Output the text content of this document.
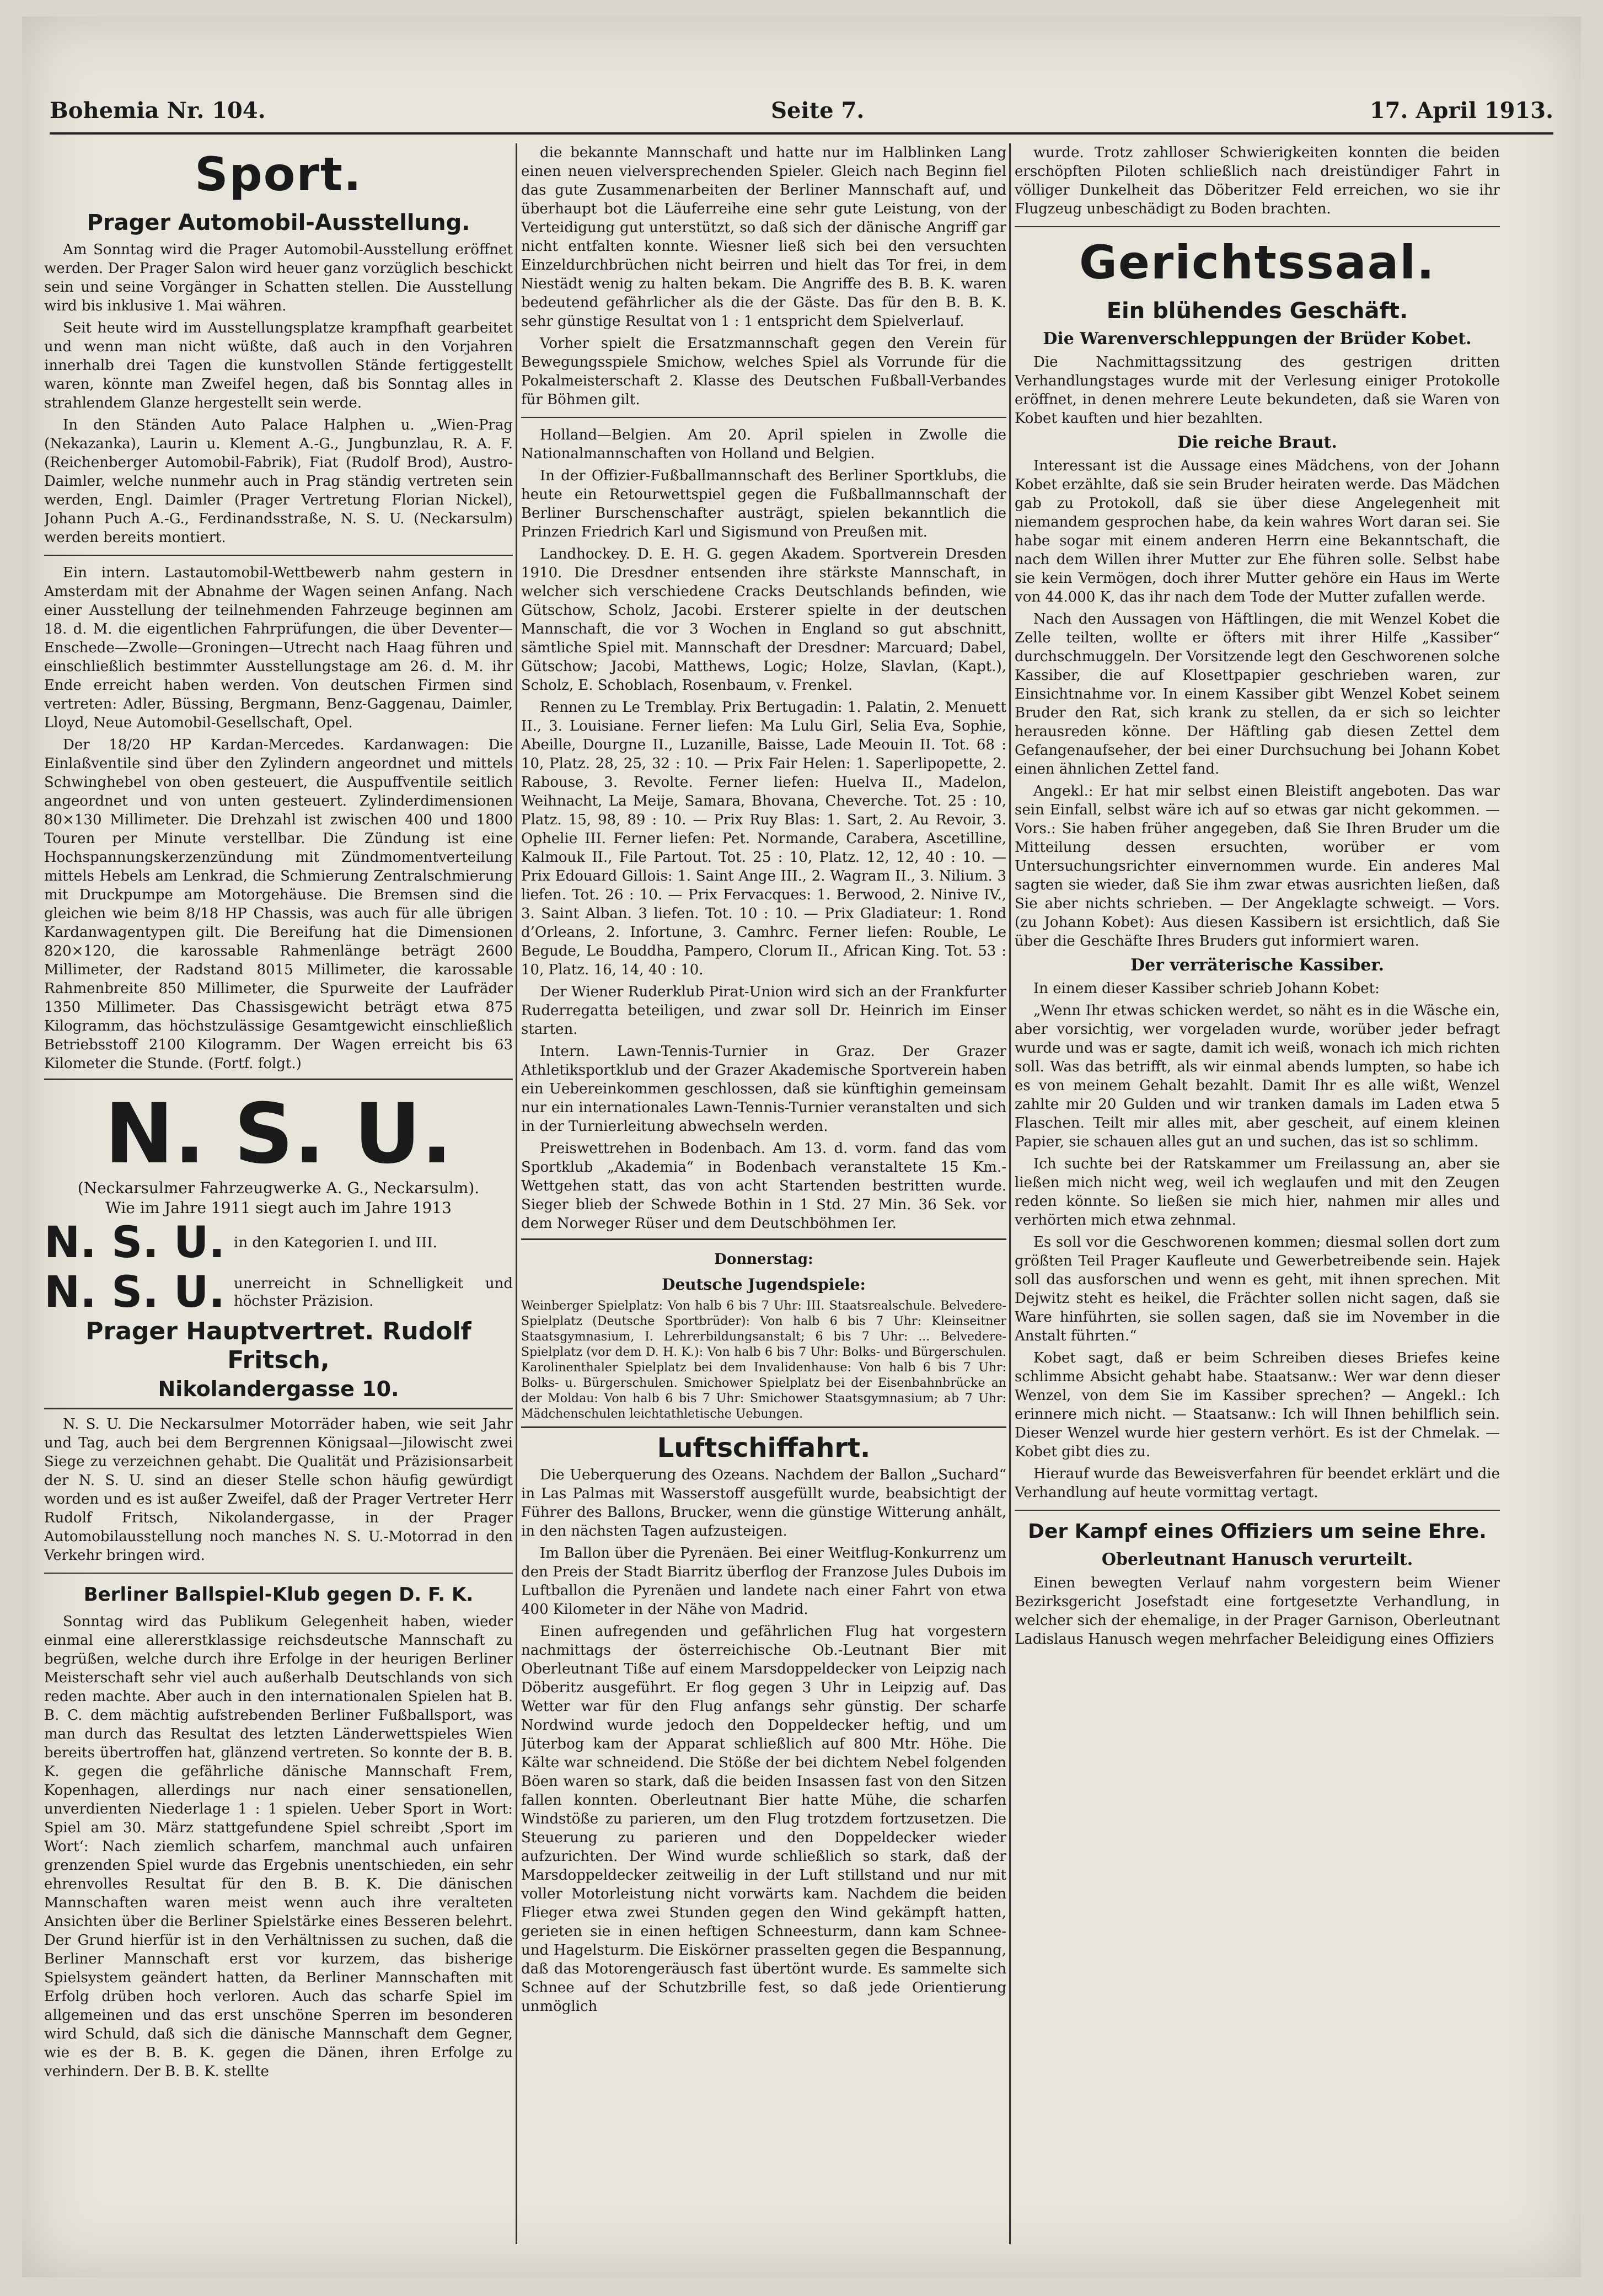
Bohemia Nr. 104.	Seite 7.	17. April 1913.
Sport.
Prager Automobil-Ausstellung.

Am Sonntag wird die Prager Automobil-Ausstellung eröffnet werden. Der Prager Salon wird heuer ganz vorzüglich beschickt sein und seine Vorgänger in Schatten stellen. Die Ausstellung wird bis inklusive 1. Mai währen.

Seit heute wird im Ausstellungsplatze krampfhaft gearbeitet und wenn man nicht wüßte, daß auch in den Vorjahren innerhalb drei Tagen die kunstvollen Stände fertiggestellt waren, könnte man Zweifel hegen, daß bis Sonntag alles in strahlendem Glanze hergestellt sein werde.

In den Ständen Auto Palace Halphen u. „Wien-Prag (Nekazanka), Laurin u. Klement A.-G., Jungbunzlau, R. A. F. (Reichenberger Automobil-Fabrik), Fiat (Rudolf Brod), Austro-Daimler, welche nunmehr auch in Prag ständig vertreten sein werden, Engl. Daimler (Prager Vertretung Florian Nickel), Johann Puch A.-G., Ferdinandsstraße, N. S. U. (Neckarsulm) werden bereits montiert.

Ein intern. Lastautomobil-Wettbewerb nahm gestern in Amsterdam mit der Abnahme der Wagen seinen Anfang. Nach einer Ausstellung der teilnehmenden Fahrzeuge beginnen am 18. d. M. die eigentlichen Fahrprüfungen, die über Deventer—Enschede—Zwolle—Groningen—Utrecht nach Haag führen und einschließlich bestimmter Ausstellungstage am 26. d. M. ihr Ende erreicht haben werden. Von deutschen Firmen sind vertreten: Adler, Büssing, Bergmann, Benz-Gaggenau, Daimler, Lloyd, Neue Automobil-Gesellschaft, Opel.

Der 18/20 HP Kardan-Mercedes. Kardanwagen: Die Einlaßventile sind über den Zylindern angeordnet und mittels Schwinghebel von oben gesteuert, die Auspuffventile seitlich angeordnet und von unten gesteuert. Zylinderdimensionen 80×130 Millimeter. Die Drehzahl ist zwischen 400 und 1800 Touren per Minute verstellbar. Die Zündung ist eine Hochspannungskerzenzündung mit Zündmomentverteilung mittels Hebels am Lenkrad, die Schmierung Zentralschmierung mit Druckpumpe am Motorgehäuse. Die Bremsen sind die gleichen wie beim 8/18 HP Chassis, was auch für alle übrigen Kardanwagentypen gilt. Die Bereifung hat die Dimensionen 820×120, die karossable Rahmenlänge beträgt 2600 Millimeter, der Radstand 8015 Millimeter, die karossable Rahmenbreite 850 Millimeter, die Spurweite der Laufräder 1350 Millimeter. Das Chassisgewicht beträgt etwa 875 Kilogramm, das höchstzulässige Gesamtgewicht einschließlich Betriebsstoff 2100 Kilogramm. Der Wagen erreicht bis 63 Kilometer die Stunde. (Fortf. folgt.)

N. S. U.
(Neckarsulmer Fahrzeugwerke A. G., Neckarsulm).
Wie im Jahre 1911 siegt auch im Jahre 1913
N. S. U. in den Kategorien I. und III.
N. S. U. unerreicht in Schnelligkeit und höchster Präzision.
Prager Hauptvertret. Rudolf Fritsch,
Nikolandergasse 10.

N. S. U. Die Neckarsulmer Motorräder haben, wie seit Jahr und Tag, auch bei dem Bergrennen Königsaal—Jilowischt zwei Siege zu verzeichnen gehabt. Die Qualität und Präzisionsarbeit der N. S. U. sind an dieser Stelle schon häufig gewürdigt worden und es ist außer Zweifel, daß der Prager Vertreter Herr Rudolf Fritsch, Nikolandergasse, in der Prager Automobilausstellung noch manches N. S. U.-Motorrad in den Verkehr bringen wird.

Berliner Ballspiel-Klub gegen D. F. K.

Sonntag wird das Publikum Gelegenheit haben, wieder einmal eine allererstklassige reichsdeutsche Mannschaft zu begrüßen, welche durch ihre Erfolge in der heurigen Berliner Meisterschaft sehr viel auch außerhalb Deutschlands von sich reden machte. Aber auch in den internationalen Spielen hat B. B. C. dem mächtig aufstrebenden Berliner Fußballsport, was man durch das Resultat des letzten Länderwettspieles Wien bereits übertroffen hat, glänzend vertreten. So konnte der B. B. K. gegen die gefährliche dänische Mannschaft Frem, Kopenhagen, allerdings nur nach einer sensationellen, unverdienten Niederlage 1 : 1 spielen. Ueber Sport in Wort: Spiel am 30. März stattgefundene Spiel schreibt ‚Sport im Wort‘: Nach ziemlich scharfem, manchmal auch unfairen grenzenden Spiel wurde das Ergebnis unentschieden, ein sehr ehrenvolles Resultat für den B. B. K. Die dänischen Mannschaften waren meist wenn auch ihre veralteten Ansichten über die Berliner Spielstärke eines Besseren belehrt. Der Grund hierfür ist in den Verhältnissen zu suchen, daß die Berliner Mannschaft erst vor kurzem, das bisherige Spielsystem geändert hatten, da Berliner Mannschaften mit Erfolg drüben hoch verloren. Auch das scharfe Spiel im allgemeinen und das erst unschöne Sperren im besonderen wird Schuld, daß sich die dänische Mannschaft dem Gegner, wie es der B. B. K. gegen die Dänen, ihren Erfolge zu verhindern. Der B. B. K. stellte

die bekannte Mannschaft und hatte nur im Halblinken Lang einen neuen vielversprechenden Spieler. Gleich nach Beginn fiel das gute Zusammenarbeiten der Berliner Mannschaft auf, und überhaupt bot die Läuferreihe eine sehr gute Leistung, von der Verteidigung gut unterstützt, so daß sich der dänische Angriff gar nicht entfalten konnte. Wiesner ließ sich bei den versuchten Einzeldurchbrüchen nicht beirren und hielt das Tor frei, in dem Niestädt wenig zu halten bekam. Die Angriffe des B. B. K. waren bedeutend gefährlicher als die der Gäste. Das für den B. B. K. sehr günstige Resultat von 1 : 1 entspricht dem Spielverlauf.

Vorher spielt die Ersatzmannschaft gegen den Verein für Bewegungsspiele Smichow, welches Spiel als Vorrunde für die Pokalmeisterschaft 2. Klasse des Deutschen Fußball-Verbandes für Böhmen gilt.

Holland—Belgien. Am 20. April spielen in Zwolle die Nationalmannschaften von Holland und Belgien.

In der Offizier-Fußballmannschaft des Berliner Sportklubs, die heute ein Retourwettspiel gegen die Fußballmannschaft der Berliner Burschenschafter austrägt, spielen bekanntlich die Prinzen Friedrich Karl und Sigismund von Preußen mit.

Landhockey. D. E. H. G. gegen Akadem. Sportverein Dresden 1910. Die Dresdner entsenden ihre stärkste Mannschaft, in welcher sich verschiedene Cracks Deutschlands befinden, wie Gütschow, Scholz, Jacobi. Ersterer spielte in der deutschen Mannschaft, die vor 3 Wochen in England so gut abschnitt, sämtliche Spiel mit. Mannschaft der Dresdner: Marcuard; Dabel, Gütschow; Jacobi, Matthews, Logic; Holze, Slavlan, (Kapt.), Scholz, E. Schoblach, Rosenbaum, v. Frenkel.

Rennen zu Le Tremblay. Prix Bertugadin: 1. Palatin, 2. Menuett II., 3. Louisiane. Ferner liefen: Ma Lulu Girl, Selia Eva, Sophie, Abeille, Dourgne II., Luzanille, Baisse, Lade Meouin II. Tot. 68 : 10, Platz. 28, 25, 32 : 10. — Prix Fair Helen: 1. Saperlipopette, 2. Rabouse, 3. Revolte. Ferner liefen: Huelva II., Madelon, Weihnacht, La Meije, Samara, Bhovana, Cheverche. Tot. 25 : 10, Platz. 15, 98, 89 : 10. — Prix Ruy Blas: 1. Sart, 2. Au Revoir, 3. Ophelie III. Ferner liefen: Pet. Normande, Carabera, Ascetilline, Kalmouk II., File Partout. Tot. 25 : 10, Platz. 12, 12, 40 : 10. — Prix Edouard Gillois: 1. Saint Ange III., 2. Wagram II., 3. Nilium. 3 liefen. Tot. 26 : 10. — Prix Fervacques: 1. Berwood, 2. Ninive IV., 3. Saint Alban. 3 liefen. Tot. 10 : 10. — Prix Gladiateur: 1. Rond d’Orleans, 2. Infortune, 3. Camhrc. Ferner liefen: Rouble, Le Begude, Le Bouddha, Pampero, Clorum II., African King. Tot. 53 : 10, Platz. 16, 14, 40 : 10.

Der Wiener Ruderklub Pirat-Union wird sich an der Frankfurter Ruderregatta beteiligen, und zwar soll Dr. Heinrich im Einser starten.

Intern. Lawn-Tennis-Turnier in Graz. Der Grazer Athletiksportklub und der Grazer Akademische Sportverein haben ein Uebereinkommen geschlossen, daß sie künftighin gemeinsam nur ein internationales Lawn-Tennis-Turnier veranstalten und sich in der Turnierleitung abwechseln werden.

Preiswettrehen in Bodenbach. Am 13. d. vorm. fand das vom Sportklub „Akademia“ in Bodenbach veranstaltete 15 Km.-Wettgehen statt, das von acht Startenden bestritten wurde. Sieger blieb der Schwede Bothin in 1 Std. 27 Min. 36 Sek. vor dem Norweger Rüser und dem Deutschböhmen Ier.

Donnerstag:
Deutsche Jugendspiele:
Weinberger Spielplatz: Von halb 6 bis 7 Uhr: III. Staatsrealschule. Belvedere-Spielplatz (Deutsche Sportbrüder): Von halb 6 bis 7 Uhr: Kleinseitner Staatsgymnasium, I. Lehrerbildungsanstalt; 6 bis 7 Uhr: ... Belvedere-Spielplatz (vor dem D. H. K.): Von halb 6 bis 7 Uhr: Bolks- und Bürgerschulen. Karolinenthaler Spielplatz bei dem Invalidenhause: Von halb 6 bis 7 Uhr: Bolks- u. Bürgerschulen. Smichower Spielplatz bei der Eisenbahnbrücke an der Moldau: Von halb 6 bis 7 Uhr: Smichower Staatsgymnasium; ab 7 Uhr: Mädchenschulen leichtathletische Uebungen.
Luftschiffahrt.

Die Ueberquerung des Ozeans. Nachdem der Ballon „Suchard“ in Las Palmas mit Wasserstoff ausgefüllt wurde, beabsichtigt der Führer des Ballons, Brucker, wenn die günstige Witterung anhält, in den nächsten Tagen aufzusteigen.

Im Ballon über die Pyrenäen. Bei einer Weitflug-Konkurrenz um den Preis der Stadt Biarritz überflog der Franzose Jules Dubois im Luftballon die Pyrenäen und landete nach einer Fahrt von etwa 400 Kilometer in der Nähe von Madrid.

Einen aufregenden und gefährlichen Flug hat vorgestern nachmittags der österreichische Ob.-Leutnant Bier mit Oberleutnant Tiße auf einem Marsdoppeldecker von Leipzig nach Döberitz ausgeführt. Er flog gegen 3 Uhr in Leipzig auf. Das Wetter war für den Flug anfangs sehr günstig. Der scharfe Nordwind wurde jedoch den Doppeldecker heftig, und um Jüterbog kam der Apparat schließlich auf 800 Mtr. Höhe. Die Kälte war schneidend. Die Stöße der bei dichtem Nebel folgenden Böen waren so stark, daß die beiden Insassen fast von den Sitzen fallen konnten. Oberleutnant Bier hatte Mühe, die scharfen Windstöße zu parieren, um den Flug trotzdem fortzusetzen. Die Steuerung zu parieren und den Doppeldecker wieder aufzurichten. Der Wind wurde schließlich so stark, daß der Marsdoppeldecker zeitweilig in der Luft stillstand und nur mit voller Motorleistung nicht vorwärts kam. Nachdem die beiden Flieger etwa zwei Stunden gegen den Wind gekämpft hatten, gerieten sie in einen heftigen Schneesturm, dann kam Schnee- und Hagelsturm. Die Eiskörner prasselten gegen die Bespannung, daß das Motorengeräusch fast übertönt wurde. Es sammelte sich Schnee auf der Schutzbrille fest, so daß jede Orientierung unmöglich

wurde. Trotz zahlloser Schwierigkeiten konnten die beiden erschöpften Piloten schließlich nach dreistündiger Fahrt in völliger Dunkelheit das Döberitzer Feld erreichen, wo sie ihr Flugzeug unbeschädigt zu Boden brachten.

Gerichtssaal.
Ein blühendes Geschäft.
Die Warenverschleppungen der Brüder Kobet.

Die Nachmittagssitzung des gestrigen dritten Verhandlungstages wurde mit der Verlesung einiger Protokolle eröffnet, in denen mehrere Leute bekundeten, daß sie Waren von Kobet kauften und hier bezahlten.

Die reiche Braut.

Interessant ist die Aussage eines Mädchens, von der Johann Kobet erzählte, daß sie sein Bruder heiraten werde. Das Mädchen gab zu Protokoll, daß sie über diese Angelegenheit mit niemandem gesprochen habe, da kein wahres Wort daran sei. Sie habe sogar mit einem anderen Herrn eine Bekanntschaft, die nach dem Willen ihrer Mutter zur Ehe führen solle. Selbst habe sie kein Vermögen, doch ihrer Mutter gehöre ein Haus im Werte von 44.000 K, das ihr nach dem Tode der Mutter zufallen werde.

Nach den Aussagen von Häftlingen, die mit Wenzel Kobet die Zelle teilten, wollte er öfters mit ihrer Hilfe „Kassiber“ durchschmuggeln. Der Vorsitzende legt den Geschworenen solche Kassiber, die auf Klosettpapier geschrieben waren, zur Einsichtnahme vor. In einem Kassiber gibt Wenzel Kobet seinem Bruder den Rat, sich krank zu stellen, da er sich so leichter herausreden könne. Der Häftling gab diesen Zettel dem Gefangenaufseher, der bei einer Durchsuchung bei Johann Kobet einen ähnlichen Zettel fand.

Angekl.: Er hat mir selbst einen Bleistift angeboten. Das war sein Einfall, selbst wäre ich auf so etwas gar nicht gekommen. — Vors.: Sie haben früher angegeben, daß Sie Ihren Bruder um die Mitteilung dessen ersuchten, worüber er vom Untersuchungsrichter einvernommen wurde. Ein anderes Mal sagten sie wieder, daß Sie ihm zwar etwas ausrichten ließen, daß Sie aber nichts schrieben. — Der Angeklagte schweigt. — Vors. (zu Johann Kobet): Aus diesen Kassibern ist ersichtlich, daß Sie über die Geschäfte Ihres Bruders gut informiert waren.

Der verräterische Kassiber.

In einem dieser Kassiber schrieb Johann Kobet:

„Wenn Ihr etwas schicken werdet, so näht es in die Wäsche ein, aber vorsichtig, wer vorgeladen wurde, worüber jeder befragt wurde und was er sagte, damit ich weiß, wonach ich mich richten soll. Was das betrifft, als wir einmal abends lumpten, so habe ich es von meinem Gehalt bezahlt. Damit Ihr es alle wißt, Wenzel zahlte mir 20 Gulden und wir tranken damals im Laden etwa 5 Flaschen. Teilt mir alles mit, aber gescheit, auf einem kleinen Papier, sie schauen alles gut an und suchen, das ist so schlimm.

Ich suchte bei der Ratskammer um Freilassung an, aber sie ließen mich nicht weg, weil ich weglaufen und mit den Zeugen reden könnte. So ließen sie mich hier, nahmen mir alles und verhörten mich etwa zehnmal.

Es soll vor die Geschworenen kommen; diesmal sollen dort zum größten Teil Prager Kaufleute und Gewerbetreibende sein. Hajek soll das ausforschen und wenn es geht, mit ihnen sprechen. Mit Dejwitz steht es heikel, die Frächter sollen nicht sagen, daß sie Ware hinführten, sie sollen sagen, daß sie im November in die Anstalt führten.“

Kobet sagt, daß er beim Schreiben dieses Briefes keine schlimme Absicht gehabt habe. Staatsanw.: Wer war denn dieser Wenzel, von dem Sie im Kassiber sprechen? — Angekl.: Ich erinnere mich nicht. — Staatsanw.: Ich will Ihnen behilflich sein. Dieser Wenzel wurde hier gestern verhört. Es ist der Chmelak. — Kobet gibt dies zu.

Hierauf wurde das Beweisverfahren für beendet erklärt und die Verhandlung auf heute vormittag vertagt.

Der Kampf eines Offiziers um seine Ehre.
Oberleutnant Hanusch verurteilt.

Einen bewegten Verlauf nahm vorgestern beim Wiener Bezirksgericht Josefstadt eine fortgesetzte Verhandlung, in welcher sich der ehemalige, in der Prager Garnison, Oberleutnant Ladislaus Hanusch wegen mehrfacher Beleidigung eines Offiziers
